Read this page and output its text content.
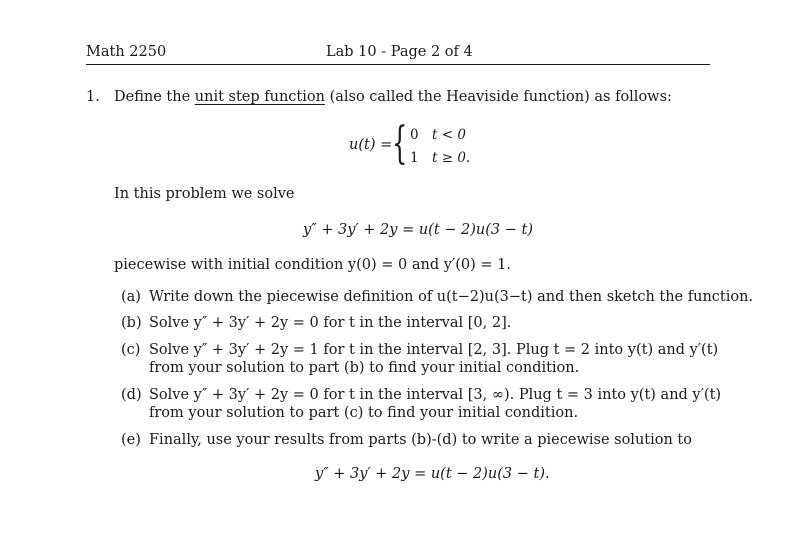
Math 2250	Lab 10 - Page 2 of 4
1. Define the unit step function (also called the Heaviside function) as follows:
u(t) = { 0 t < 0
1 t ≥ 0.
In this problem we solve
y″ + 3y′ + 2y = u(t − 2)u(3 − t)
piecewise with initial condition y(0) = 0 and y′(0) = 1.
(a) Write down the piecewise definition of u(t−2)u(3−t) and then sketch the function.
(b) Solve y″ + 3y′ + 2y = 0 for t in the interval [0, 2].
(c) Solve y″ + 3y′ + 2y = 1 for t in the interval [2, 3]. Plug t = 2 into y(t) and y′(t)
from your solution to part (b) to find your initial condition.
(d) Solve y″ + 3y′ + 2y = 0 for t in the interval [3, ∞). Plug t = 3 into y(t) and y′(t)
from your solution to part (c) to find your initial condition.
(e) Finally, use your results from parts (b)-(d) to write a piecewise solution to
y″ + 3y′ + 2y = u(t − 2)u(3 − t).
